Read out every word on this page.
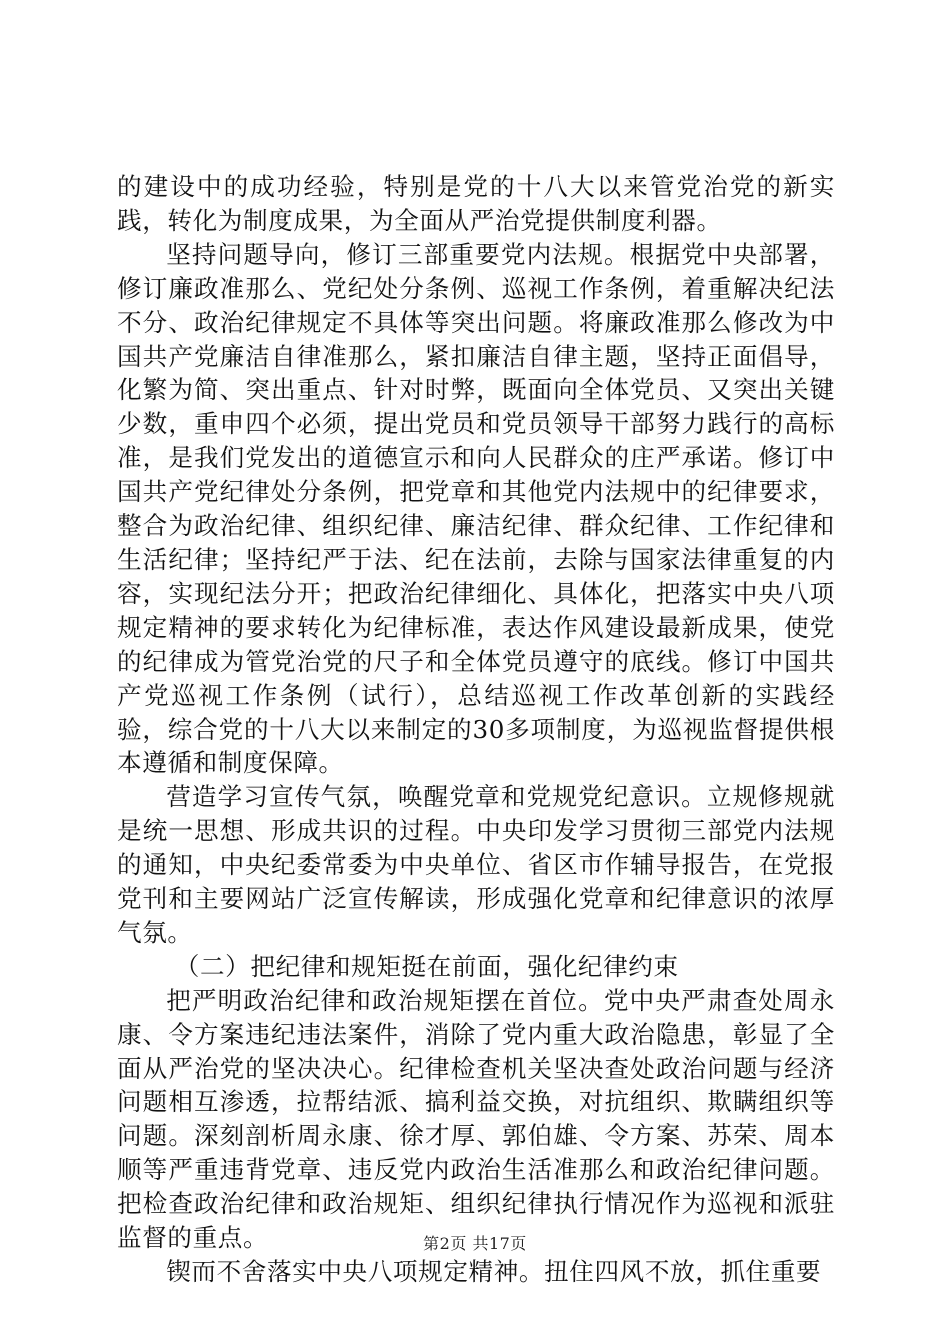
的建设中的成功经验，特别是党的十八大以来管党治党的新实践，转化为制度成果，为全面从严治党提供制度利器。

坚持问题导向，修订三部重要党内法规。根据党中央部署，修订廉政准那么、党纪处分条例、巡视工作条例，着重解决纪法不分、政治纪律规定不具体等突出问题。将廉政准那么修改为中国共产党廉洁自律准那么，紧扣廉洁自律主题，坚持正面倡导，化繁为简、突出重点、针对时弊，既面向全体党员、又突出关键少数，重申四个必须，提出党员和党员领导干部努力践行的高标准，是我们党发出的道德宣示和向人民群众的庄严承诺。修订中国共产党纪律处分条例，把党章和其他党内法规中的纪律要求，整合为政治纪律、组织纪律、廉洁纪律、群众纪律、工作纪律和生活纪律；坚持纪严于法、纪在法前，去除与国家法律重复的内容，实现纪法分开；把政治纪律细化、具体化，把落实中央八项规定精神的要求转化为纪律标准，表达作风建设最新成果，使党的纪律成为管党治党的尺子和全体党员遵守的底线。修订中国共产党巡视工作条例（试行），总结巡视工作改革创新的实践经验，综合党的十八大以来制定的30多项制度，为巡视监督提供根本遵循和制度保障。

营造学习宣传气氛，唤醒党章和党规党纪意识。立规修规就是统一思想、形成共识的过程。中央印发学习贯彻三部党内法规的通知，中央纪委常委为中央单位、省区市作辅导报告，在党报党刊和主要网站广泛宣传解读，形成强化党章和纪律意识的浓厚气氛。

（二）把纪律和规矩挺在前面，强化纪律约束

把严明政治纪律和政治规矩摆在首位。党中央严肃查处周永康、令方案违纪违法案件，消除了党内重大政治隐患，彰显了全面从严治党的坚决决心。纪律检查机关坚决查处政治问题与经济问题相互渗透，拉帮结派、搞利益交换，对抗组织、欺瞒组织等问题。深刻剖析周永康、徐才厚、郭伯雄、令方案、苏荣、周本顺等严重违背党章、违反党内政治生活准那么和政治纪律问题。把检查政治纪律和政治规矩、组织纪律执行情况作为巡视和派驻监督的重点。

锲而不舍落实中央八项规定精神。扭住四风不放，抓住重要

第2页 共17页
